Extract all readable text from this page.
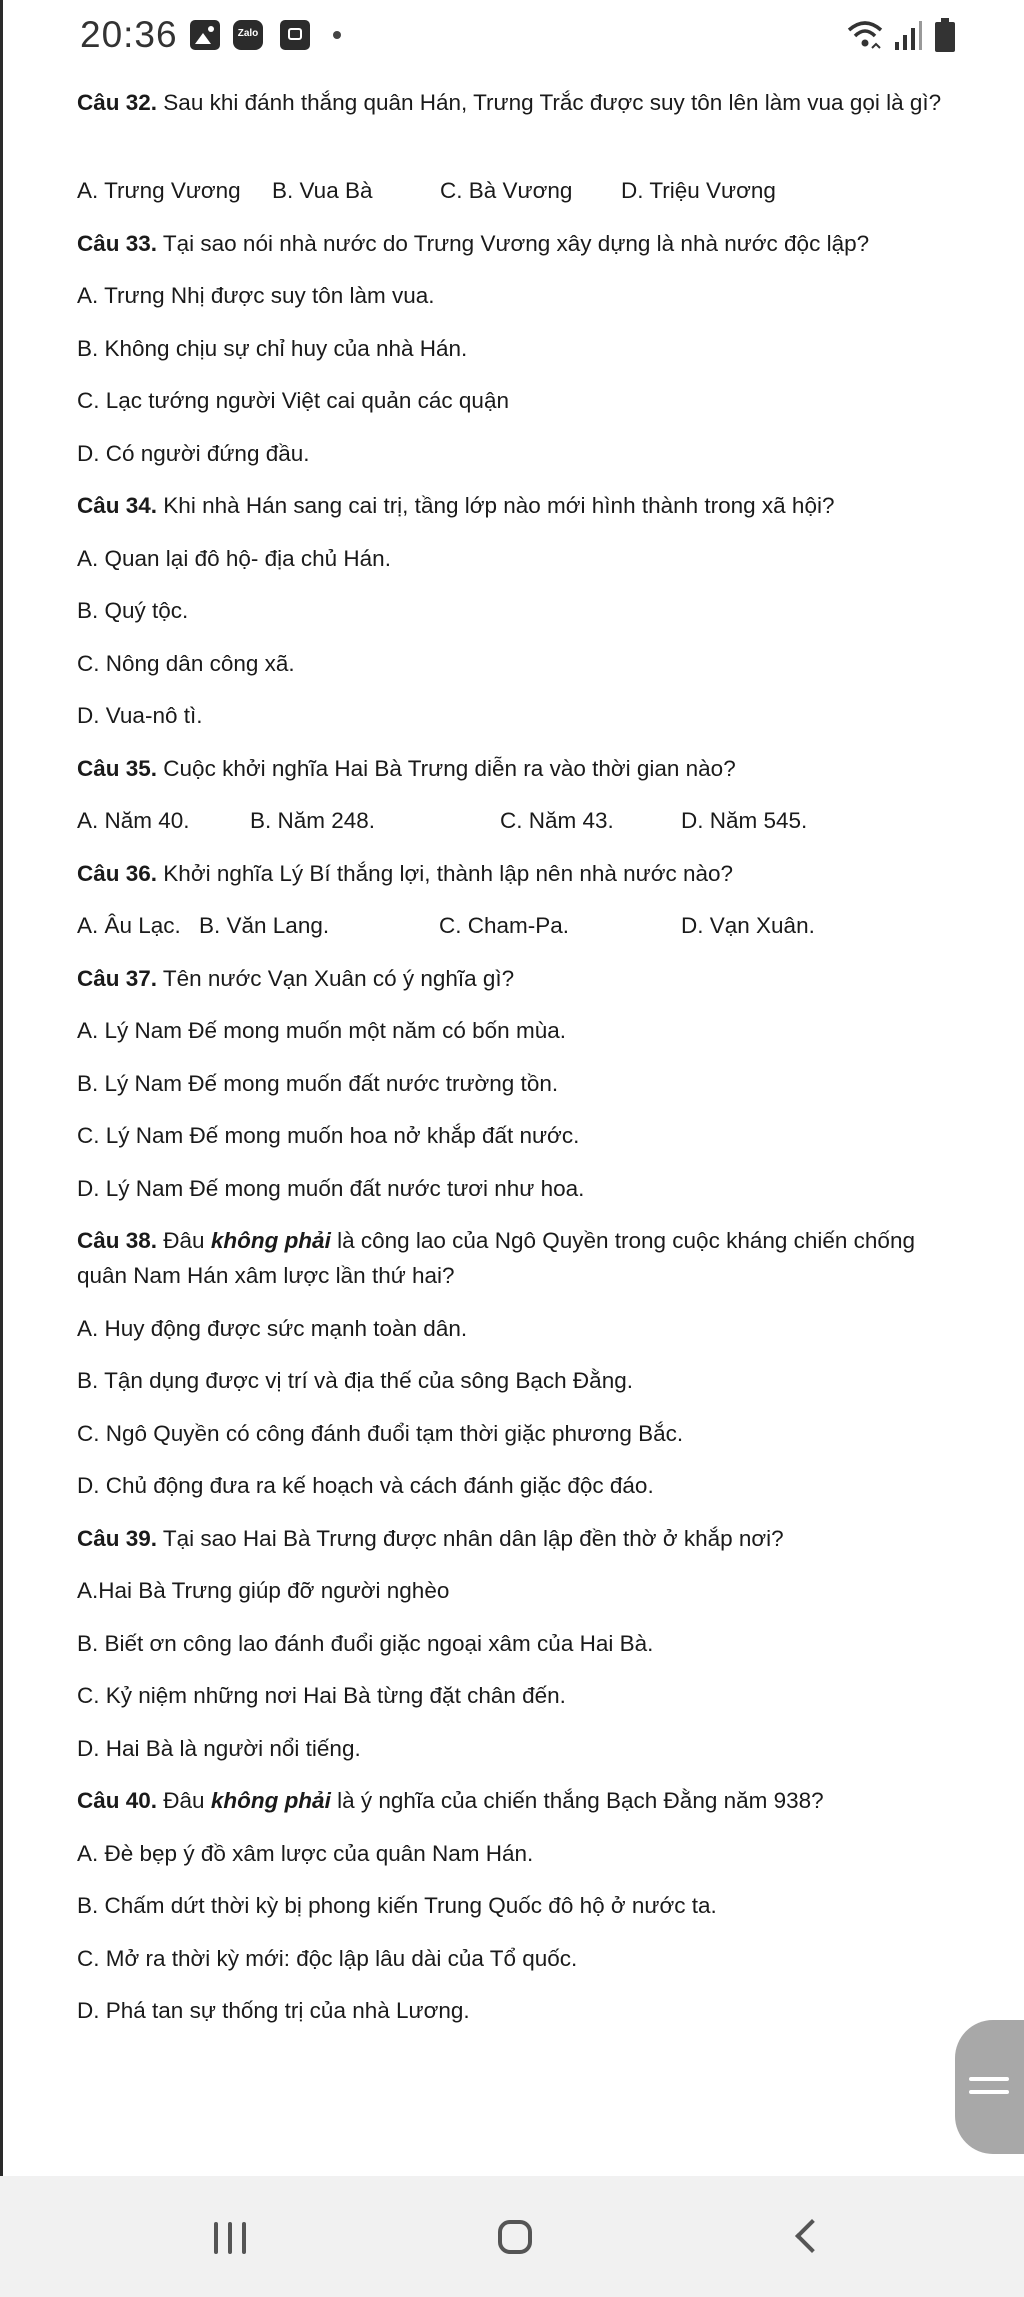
20:36	Zalo
Câu 32. Sau khi đánh thắng quân Hán, Trưng Trắc được suy tôn lên làm vua gọi là gì?
A. Trưng Vương B. Vua Bà	C. Bà Vương D. Triệu Vương
Câu 33. Tại sao nói nhà nước do Trưng Vương xây dựng là nhà nước độc lập?
A. Trưng Nhị được suy tôn làm vua.
B. Không chịu sự chỉ huy của nhà Hán.
C. Lạc tướng người Việt cai quản các quận
D. Có người đứng đầu.
Câu 34. Khi nhà Hán sang cai trị, tầng lớp nào mới hình thành trong xã hội?
A. Quan lại đô hộ- địa chủ Hán.
B. Quý tộc.
C. Nông dân công xã.
D. Vua-nô tì.
Câu 35. Cuộc khởi nghĩa Hai Bà Trưng diễn ra vào thời gian nào?
A. Năm 40.	B. Năm 248.	C. Năm 43.	D. Năm 545.
Câu 36. Khởi nghĩa Lý Bí thắng lợi, thành lập nên nhà nước nào?
A. Âu Lạc. B. Văn Lang.	C. Cham-Pa.	D. Vạn Xuân.
Câu 37. Tên nước Vạn Xuân có ý nghĩa gì?
A. Lý Nam Đế mong muốn một năm có bốn mùa.
B. Lý Nam Đế mong muốn đất nước trường tồn.
C. Lý Nam Đế mong muốn hoa nở khắp đất nước.
D. Lý Nam Đế mong muốn đất nước tươi như hoa.
Câu 38. Đâu không phải là công lao của Ngô Quyền trong cuộc kháng chiến chống quân Nam Hán xâm lược lần thứ hai?
A. Huy động được sức mạnh toàn dân.
B. Tận dụng được vị trí và địa thế của sông Bạch Đằng.
C. Ngô Quyền có công đánh đuổi tạm thời giặc phương Bắc.
D. Chủ động đưa ra kế hoạch và cách đánh giặc độc đáo.
Câu 39. Tại sao Hai Bà Trưng được nhân dân lập đền thờ ở khắp nơi?
A.Hai Bà Trưng giúp đỡ người nghèo
B. Biết ơn công lao đánh đuổi giặc ngoại xâm của Hai Bà.
C. Kỷ niệm những nơi Hai Bà từng đặt chân đến.
D. Hai Bà là người nổi tiếng.
Câu 40. Đâu không phải là ý nghĩa của chiến thắng Bạch Đằng năm 938?
A. Đè bẹp ý đồ xâm lược của quân Nam Hán.
B. Chấm dứt thời kỳ bị phong kiến Trung Quốc đô hộ ở nước ta.
C. Mở ra thời kỳ mới: độc lập lâu dài của Tổ quốc.
D. Phá tan sự thống trị của nhà Lương.
